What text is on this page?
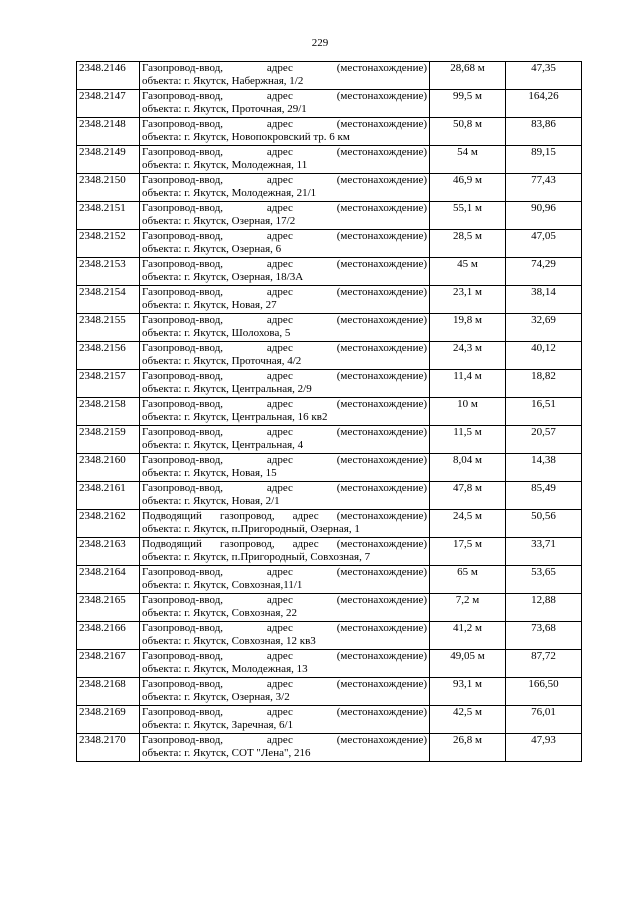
229
2348.2146	Газопровод-ввод, адрес (местонахождение)
объекта: г. Якутск, Набержная, 1/2	28,68 м	47,35
2348.2147	Газопровод-ввод, адрес (местонахождение)
объекта: г. Якутск, Проточная, 29/1	99,5 м	164,26
2348.2148	Газопровод-ввод, адрес (местонахождение)
объекта: г. Якутск, Новопокровский тр. 6 км	50,8 м	83,86
2348.2149	Газопровод-ввод, адрес (местонахождение)
объекта: г. Якутск, Молодежная, 11	54 м	89,15
2348.2150	Газопровод-ввод, адрес (местонахождение)
объекта: г. Якутск, Молодежная, 21/1	46,9 м	77,43
2348.2151	Газопровод-ввод, адрес (местонахождение)
объекта: г. Якутск, Озерная, 17/2	55,1 м	90,96
2348.2152	Газопровод-ввод, адрес (местонахождение)
объекта: г. Якутск, Озерная, 6	28,5 м	47,05
2348.2153	Газопровод-ввод, адрес (местонахождение)
объекта: г. Якутск, Озерная, 18/3А	45 м	74,29
2348.2154	Газопровод-ввод, адрес (местонахождение)
объекта: г. Якутск, Новая, 27	23,1 м	38,14
2348.2155	Газопровод-ввод, адрес (местонахождение)
объекта: г. Якутск, Шолохова, 5	19,8 м	32,69
2348.2156	Газопровод-ввод, адрес (местонахождение)
объекта: г. Якутск, Проточная, 4/2	24,3 м	40,12
2348.2157	Газопровод-ввод, адрес (местонахождение)
объекта: г. Якутск, Центральная, 2/9	11,4 м	18,82
2348.2158	Газопровод-ввод, адрес (местонахождение)
объекта: г. Якутск, Центральная, 16 кв2	10 м	16,51
2348.2159	Газопровод-ввод, адрес (местонахождение)
объекта: г. Якутск, Центральная, 4	11,5 м	20,57
2348.2160	Газопровод-ввод, адрес (местонахождение)
объекта: г. Якутск, Новая, 15	8,04 м	14,38
2348.2161	Газопровод-ввод, адрес (местонахождение)
объекта: г. Якутск, Новая, 2/1	47,8 м	85,49
2348.2162	Подводящий газопровод, адрес (местонахождение)
объекта: г. Якутск, п.Пригородный, Озерная, 1	24,5 м	50,56
2348.2163	Подводящий газопровод, адрес (местонахождение)
объекта: г. Якутск, п.Пригородный, Совхозная, 7	17,5 м	33,71
2348.2164	Газопровод-ввод, адрес (местонахождение)
объекта: г. Якутск, Совхозная,11/1	65 м	53,65
2348.2165	Газопровод-ввод, адрес (местонахождение)
объекта: г. Якутск, Совхозная, 22	7,2 м	12,88
2348.2166	Газопровод-ввод, адрес (местонахождение)
объекта: г. Якутск, Совхозная, 12 кв3	41,2 м	73,68
2348.2167	Газопровод-ввод, адрес (местонахождение)
объекта: г. Якутск, Молодежная, 13	49,05 м	87,72
2348.2168	Газопровод-ввод, адрес (местонахождение)
объекта: г. Якутск, Озерная, 3/2	93,1 м	166,50
2348.2169	Газопровод-ввод, адрес (местонахождение)
объекта: г. Якутск, Заречная, 6/1	42,5 м	76,01
2348.2170	Газопровод-ввод, адрес (местонахождение)
объекта: г. Якутск, СОТ "Лена", 216	26,8 м	47,93
